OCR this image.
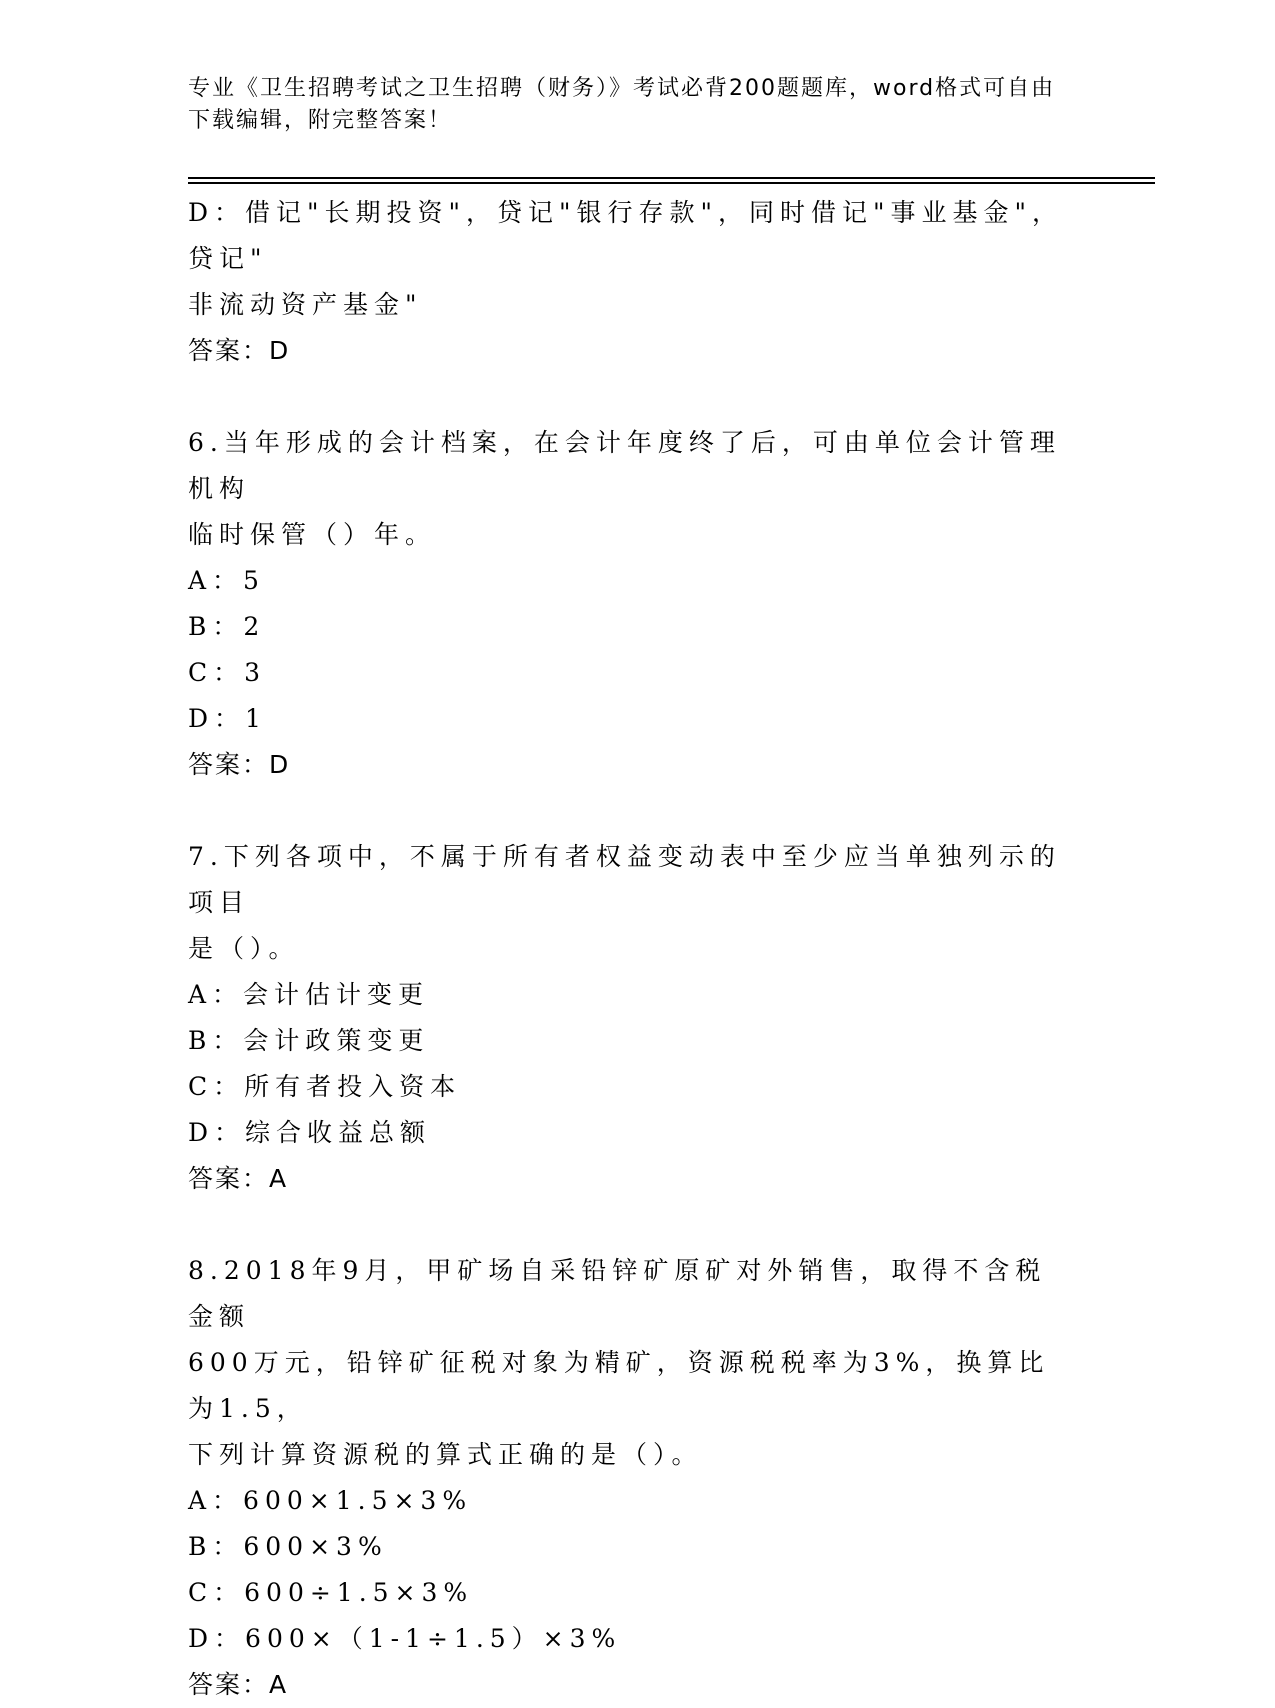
专业《卫生招聘考试之卫生招聘（财务）》考试必背200题题库，word格式可自由下载编辑，附完整答案！
D：借记"长期投资"，贷记"银行存款"，同时借记"事业基金"，贷记"
非流动资产基金"
答案：D
6.当年形成的会计档案，在会计年度终了后，可由单位会计管理机构
临时保管（）年。
A：5
B：2
C：3
D：1
答案：D
7.下列各项中，不属于所有者权益变动表中至少应当单独列示的项目
是（）。
A：会计估计变更
B：会计政策变更
C：所有者投入资本
D：综合收益总额
答案：A
8.2018年9月，甲矿场自采铅锌矿原矿对外销售，取得不含税金额
600万元，铅锌矿征税对象为精矿，资源税税率为3%，换算比为1.5，
下列计算资源税的算式正确的是（）。
A：600×1.5×3%
B：600×3%
C：600÷1.5×3%
D：600×（1-1÷1.5）×3%
答案：A
